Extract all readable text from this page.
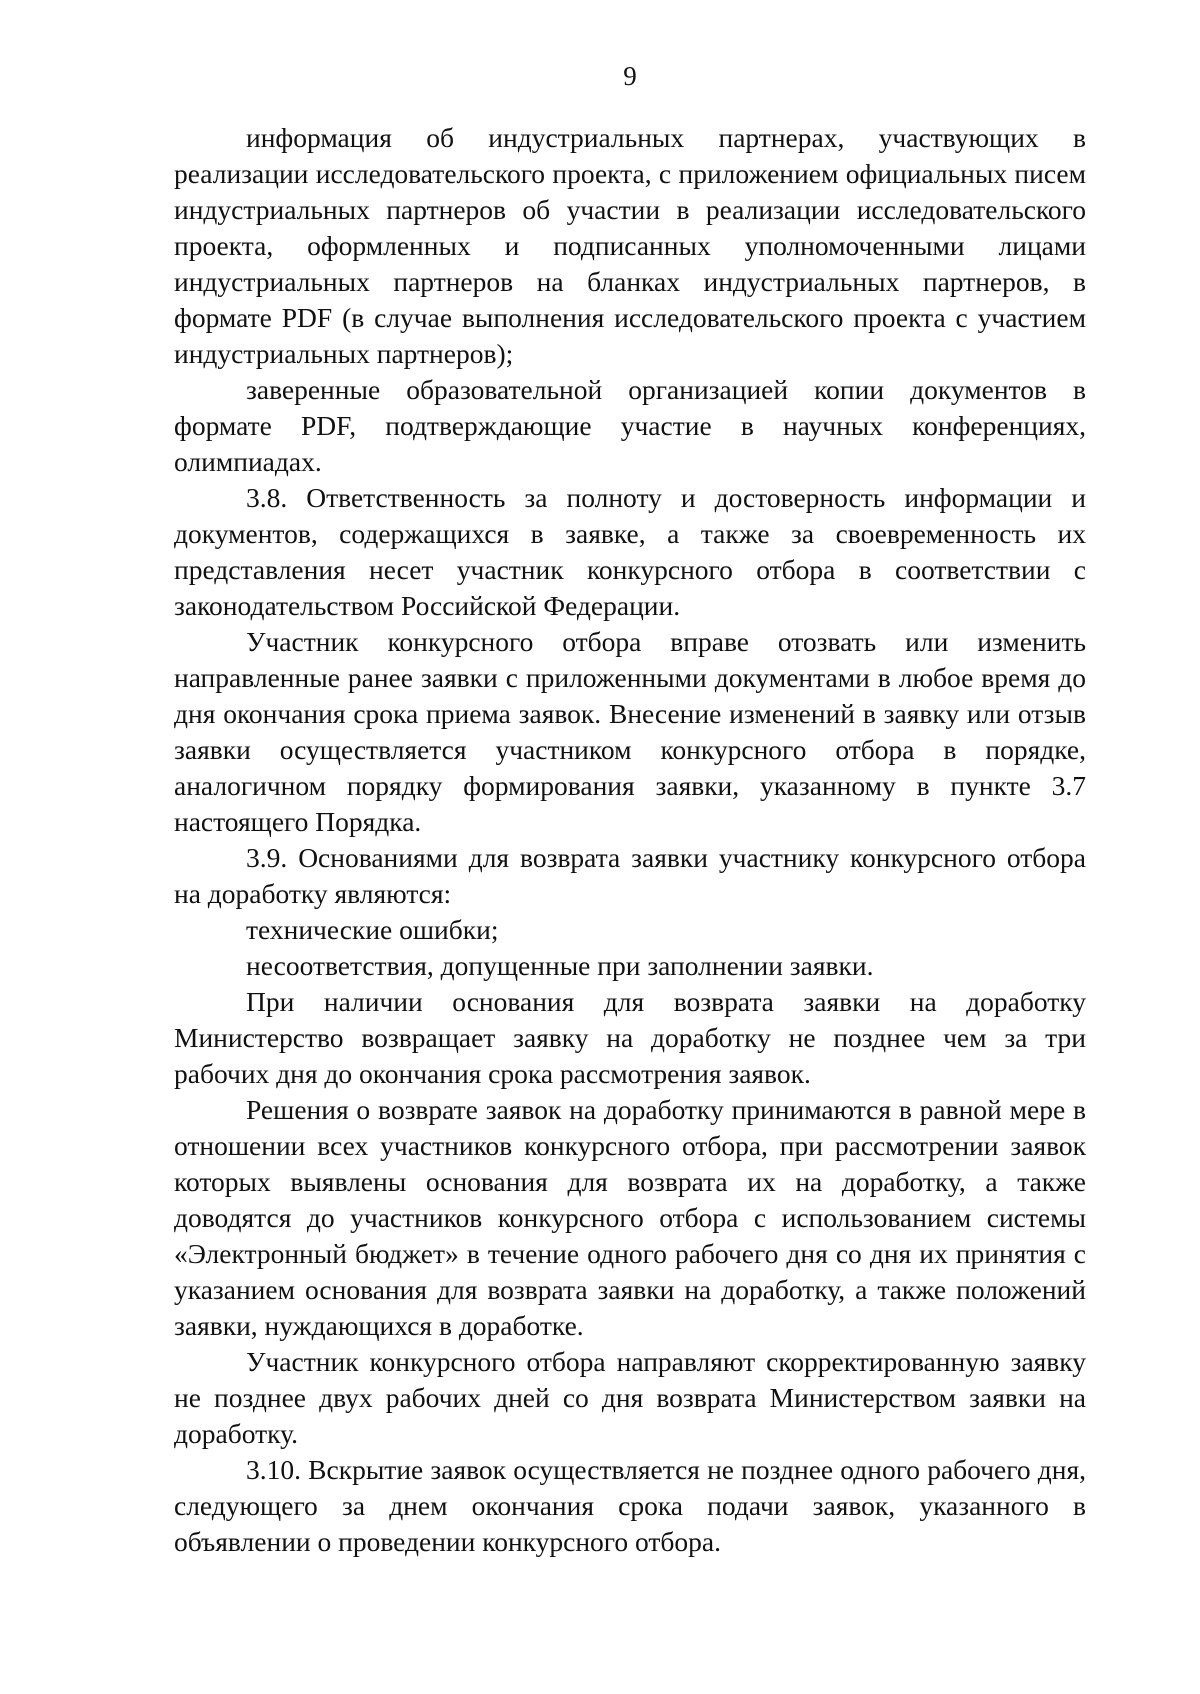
9

информация об индустриальных партнерах, участвующих в реализации исследовательского проекта, с приложением официальных писем индустриальных партнеров об участии в реализации исследовательского проекта, оформленных и подписанных уполномоченными лицами индустриальных партнеров на бланках индустриальных партнеров, в формате PDF (в случае выполнения исследовательского проекта с участием индустриальных партнеров);

заверенные образовательной организацией копии документов в формате PDF, подтверждающие участие в научных конференциях, олимпиадах.

3.8. Ответственность за полноту и достоверность информации и документов, содержащихся в заявке, а также за своевременность их представления несет участник конкурсного отбора в соответствии с законодательством Российской Федерации.

Участник конкурсного отбора вправе отозвать или изменить направленные ранее заявки с приложенными документами в любое время до дня окончания срока приема заявок. Внесение изменений в заявку или отзыв заявки осуществляется участником конкурсного отбора в порядке, аналогичном порядку формирования заявки, указанному в пункте 3.7 настоящего Порядка.

3.9. Основаниями для возврата заявки участнику конкурсного отбора на доработку являются:

технические ошибки;

несоответствия, допущенные при заполнении заявки.

При наличии основания для возврата заявки на доработку Министерство возвращает заявку на доработку не позднее чем за три рабочих дня до окончания срока рассмотрения заявок.

Решения о возврате заявок на доработку принимаются в равной мере в отношении всех участников конкурсного отбора, при рассмотрении заявок которых выявлены основания для возврата их на доработку, а также доводятся до участников конкурсного отбора с использованием системы «Электронный бюджет» в течение одного рабочего дня со дня их принятия с указанием основания для возврата заявки на доработку, а также положений заявки, нуждающихся в доработке.

Участник конкурсного отбора направляют скорректированную заявку не позднее двух рабочих дней со дня возврата Министерством заявки на доработку.

3.10. Вскрытие заявок осуществляется не позднее одного рабочего дня, следующего за днем окончания срока подачи заявок, указанного в объявлении о проведении конкурсного отбора.
